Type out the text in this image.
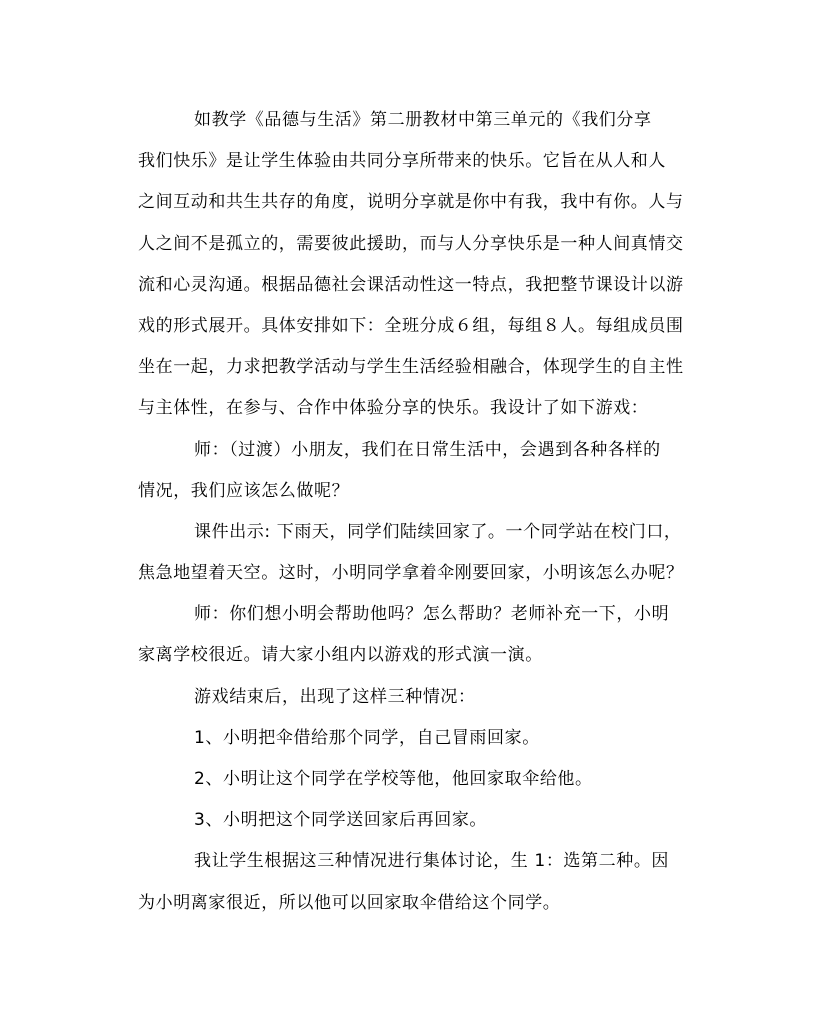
如教学《品德与生活》第二册教材中第三单元的《我们分享
我们快乐》是让学生体验由共同分享所带来的快乐。它旨在从人和人
之间互动和共生共存的角度，说明分享就是你中有我，我中有你。人与
人之间不是孤立的，需要彼此援助，而与人分享快乐是一种人间真情交
流和心灵沟通。根据品德社会课活动性这一特点，我把整节课设计以游
戏的形式展开。具体安排如下：全班分成６组，每组８人。每组成员围
坐在一起，力求把教学活动与学生生活经验相融合，体现学生的自主性
与主体性，在参与、合作中体验分享的快乐。我设计了如下游戏：
师：（过渡）小朋友，我们在日常生活中，会遇到各种各样的
情况，我们应该怎么做呢？
课件出示: 下雨天，同学们陆续回家了。一个同学站在校门口，
焦急地望着天空。这时，小明同学拿着伞刚要回家，小明该怎么办呢？
师：你们想小明会帮助他吗？怎么帮助？老师补充一下，小明
家离学校很近。请大家小组内以游戏的形式演一演。
游戏结束后，出现了这样三种情况：
1、小明把伞借给那个同学，自己冒雨回家。
2、小明让这个同学在学校等他，他回家取伞给他。
3、小明把这个同学送回家后再回家。
我让学生根据这三种情况进行集体讨论，生 1：选第二种。因
为小明离家很近，所以他可以回家取伞借给这个同学。
